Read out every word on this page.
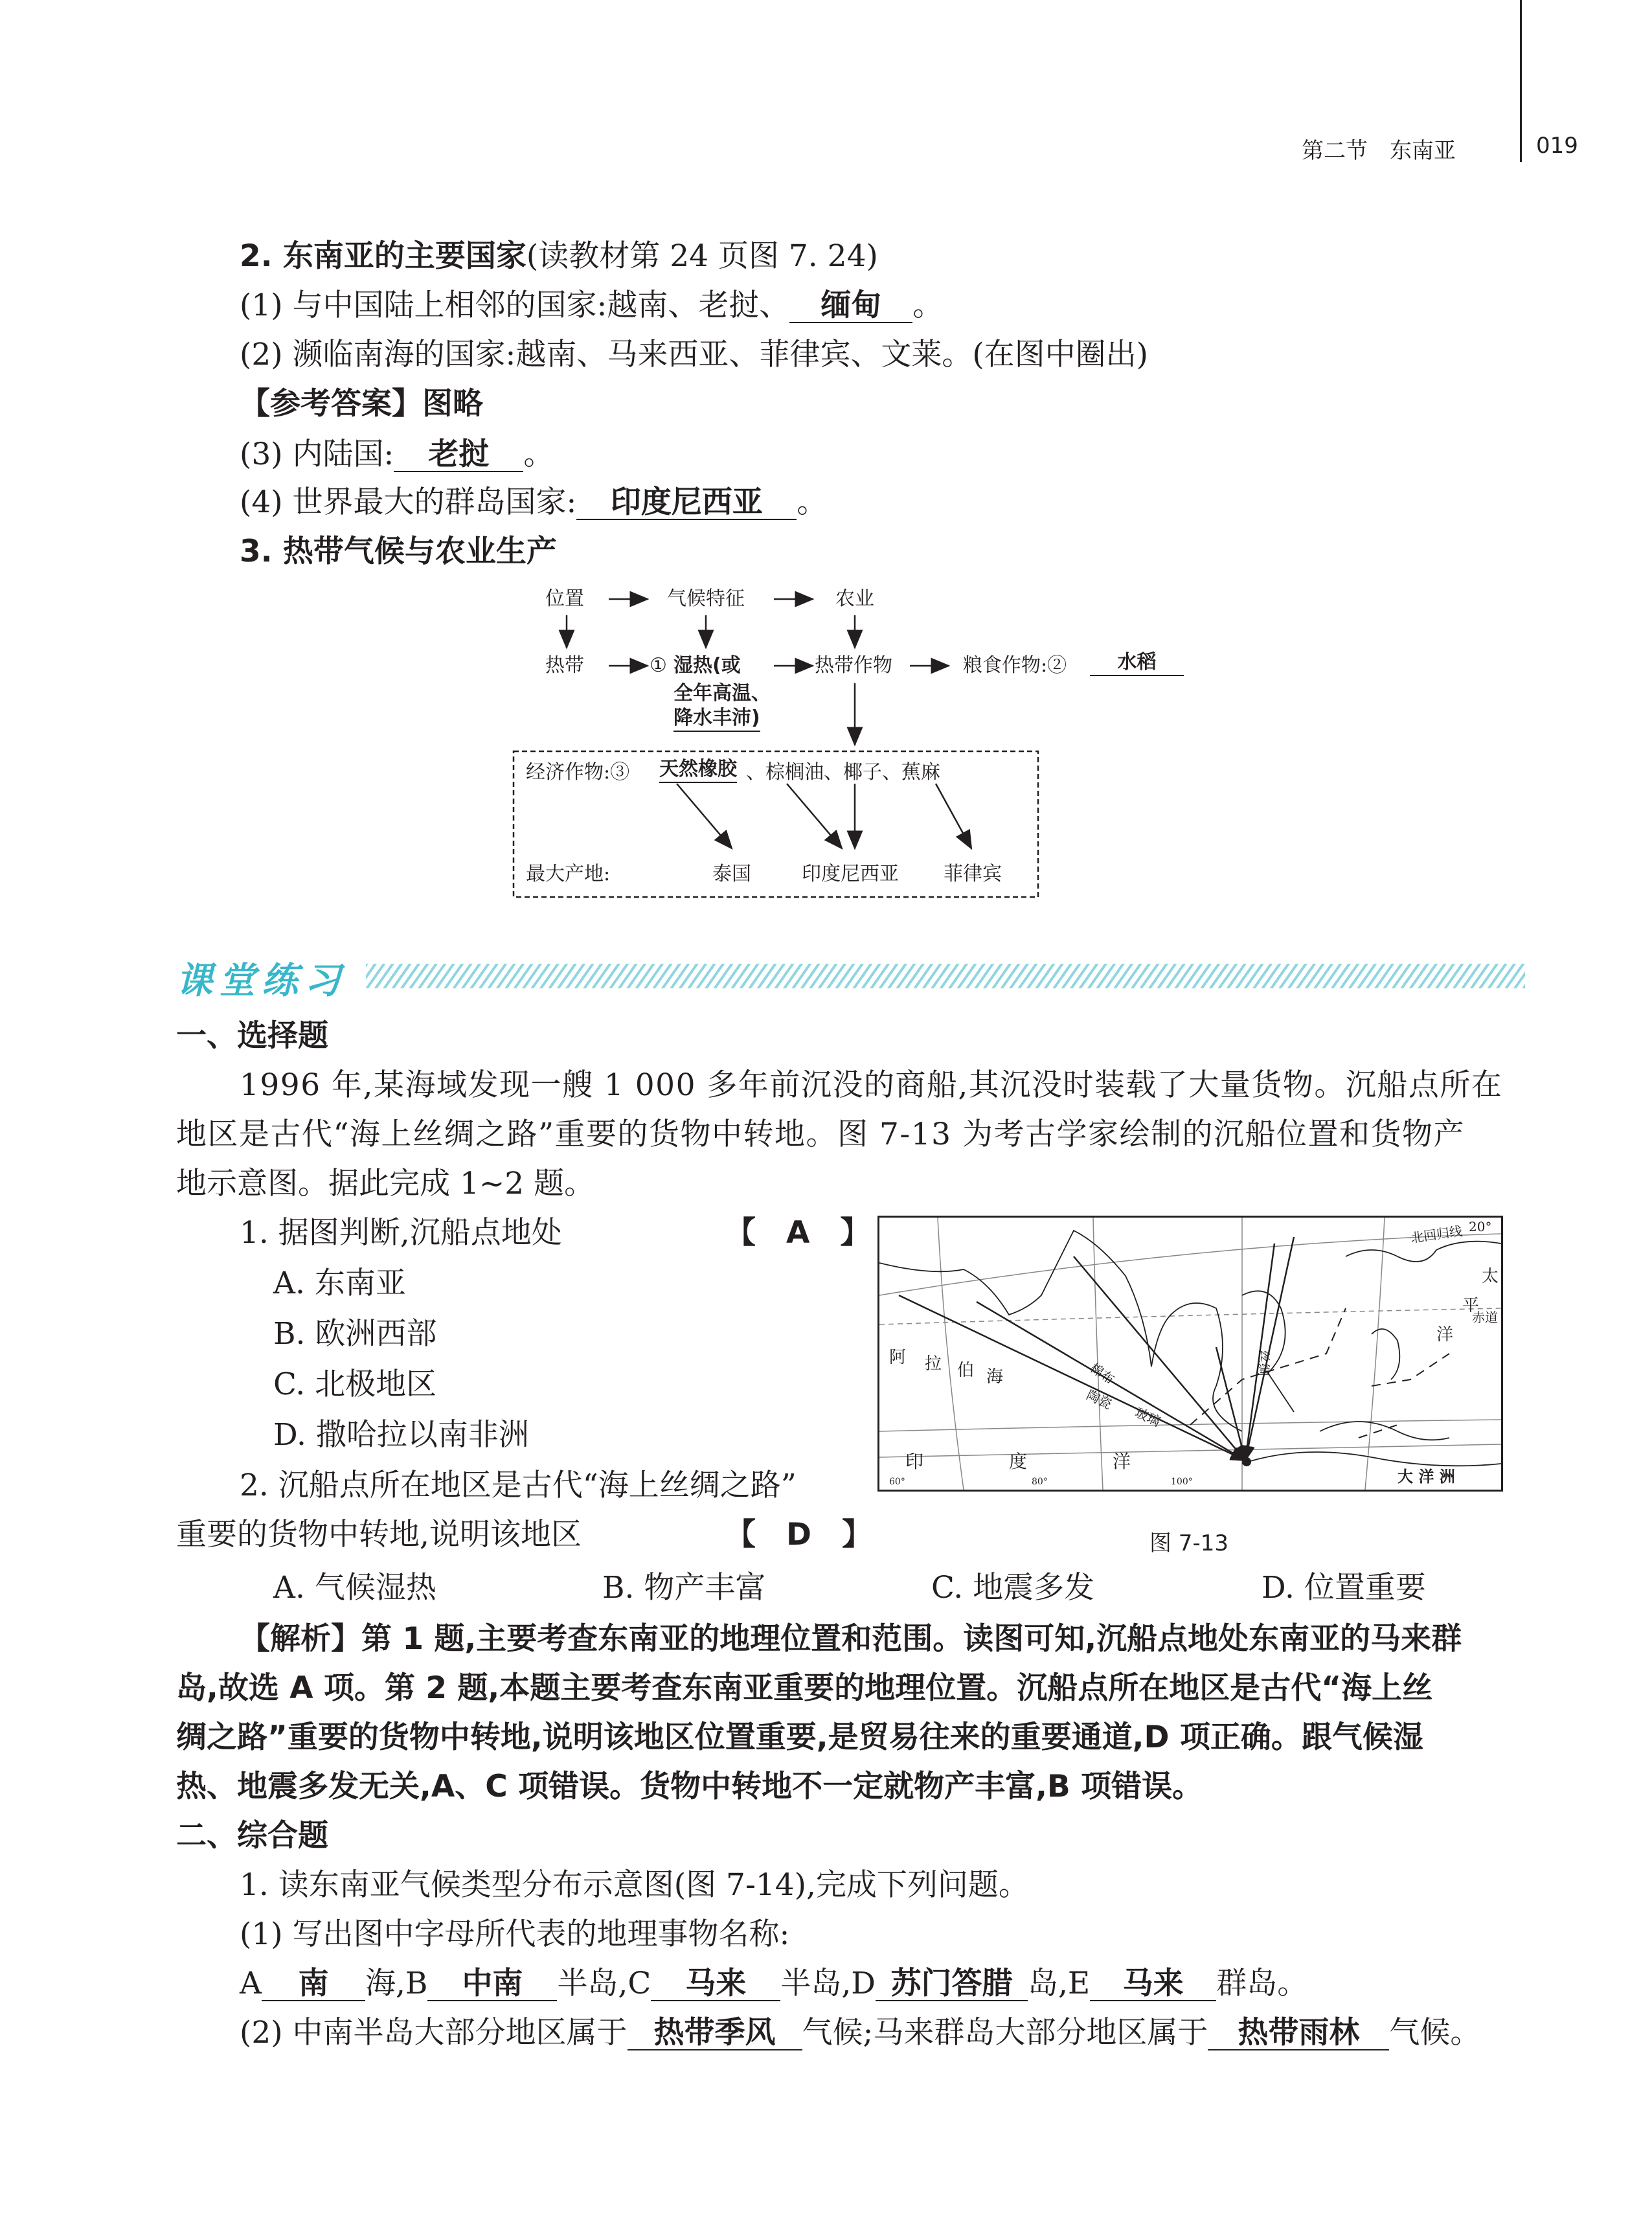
第二节　东南亚	019
2. 东南亚的主要国家(读教材第 24 页图 7. 24)
(1) 与中国陆上相邻的国家:越南、老挝、 缅甸 。
(2) 濒临南海的国家:越南、马来西亚、菲律宾、文莱。(在图中圈出)
【参考答案】图略
(3) 内陆国: 老挝 。
(4) 世界最大的群岛国家: 印度尼西亚 。
3. 热带气候与农业生产
位置	气候特征	农业
热带	① 湿热(或
全年高温、
降水丰沛)
热带作物	粮食作物:②	水稻
经济作物:③ 天然橡胶 、棕榈油、椰子、蕉麻
最大产地:	泰国	印度尼西亚 菲律宾
课堂练习
一、选择题
1996 年,某海域发现一艘 1 000 多年前沉没的商船,其沉没时装载了大量货物。沉船点所在
地区是古代“海上丝绸之路”重要的货物中转地。图 7-13 为考古学家绘制的沉船位置和货物产
地示意图。据此完成 1~2 题。
1. 据图判断,沉船点地处	【　A　】
A. 东南亚
B. 欧洲西部
C. 北极地区
D. 撒哈拉以南非洲
2. 沉船点所在地区是古代“海上丝绸之路”
重要的货物中转地,说明该地区	【　D　】
A. 气候湿热	B. 物产丰富	C. 地震多发	D. 位置重要
北回归线 20°
赤道
太
平
洋
阿 拉 伯 海
印	度	洋
大 洋 洲
棉布
陶瓷
玻璃
丝绸
60°	80°	100°
图 7-13
【解析】第 1 题,主要考查东南亚的地理位置和范围。读图可知,沉船点地处东南亚的马来群
岛,故选 A 项。第 2 题,本题主要考查东南亚重要的地理位置。沉船点所在地区是古代“海上丝
绸之路”重要的货物中转地,说明该地区位置重要,是贸易往来的重要通道,D 项正确。跟气候湿
热、地震多发无关,A、C 项错误。货物中转地不一定就物产丰富,B 项错误。
二、综合题
1. 读东南亚气候类型分布示意图(图 7-14),完成下列问题。
(1) 写出图中字母所代表的地理事物名称:
A 南 海,B 中南 半岛,C 马来 半岛,D 苏门答腊 岛,E 马来 群岛。
(2) 中南半岛大部分地区属于 热带季风 气候;马来群岛大部分地区属于 热带雨林 气候。
